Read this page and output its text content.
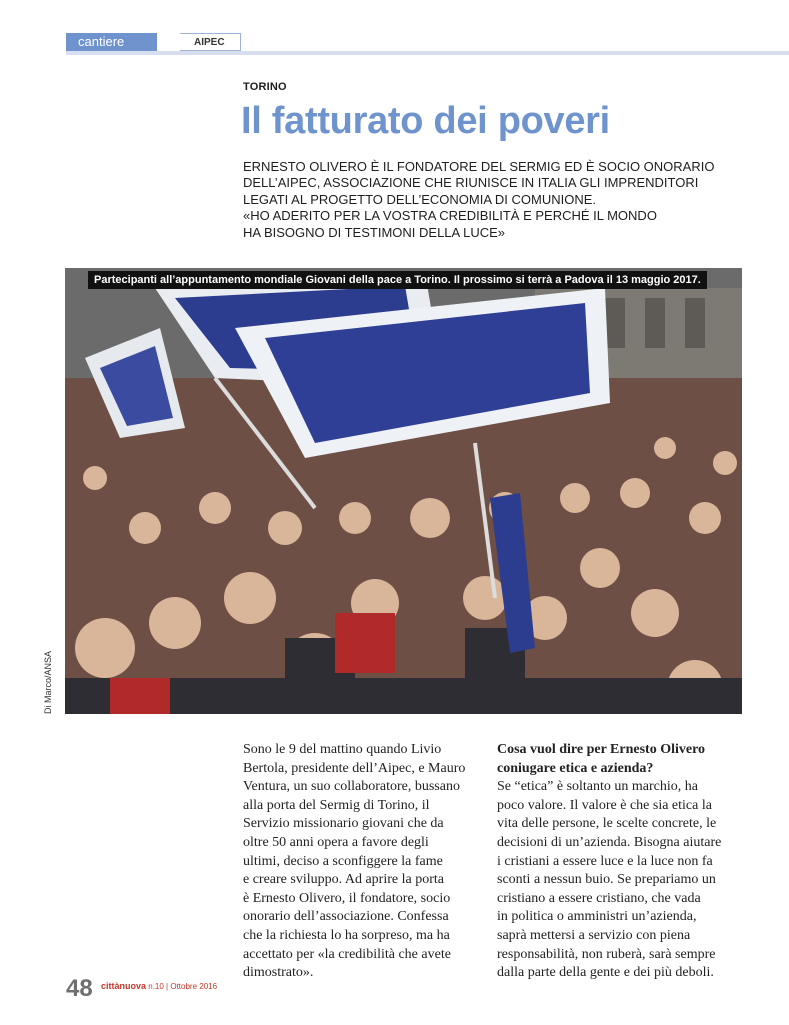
cantiere italia
AIPEC
TORINO
Il fatturato dei poveri
ERNESTO OLIVERO È IL FONDATORE DEL SERMIG ED È SOCIO ONORARIO
DELL’AIPEC, ASSOCIAZIONE CHE RIUNISCE IN ITALIA GLI IMPRENDITORI
LEGATI AL PROGETTO DELL’ECONOMIA DI COMUNIONE.
«HO ADERITO PER LA VOSTRA CREDIBILITÀ E PERCHÉ IL MONDO
HA BISOGNO DI TESTIMONI DELLA LUCE»
Partecipanti all’appuntamento mondiale Giovani della pace a Torino. Il prossimo si terrà a Padova il 13 maggio 2017.
Di Marco/ANSA
Sono le 9 del mattino quando Livio
Bertola, presidente dell’Aipec, e Mauro
Ventura, un suo collaboratore, bussano
alla porta del Sermig di Torino, il
Servizio missionario giovani che da
oltre 50 anni opera a favore degli
ultimi, deciso a sconfiggere la fame
e creare sviluppo. Ad aprire la porta
è Ernesto Olivero, il fondatore, socio
onorario dell’associazione. Confessa
che la richiesta lo ha sorpreso, ma ha
accettato per «la credibilità che avete
dimostrato».
Cosa vuol dire per Ernesto Olivero
coniugare etica e azienda?
Se “etica” è soltanto un marchio, ha
poco valore. Il valore è che sia etica la
vita delle persone, le scelte concrete, le
decisioni di un’azienda. Bisogna aiutare
i cristiani a essere luce e la luce non fa
sconti a nessun buio. Se prepariamo un
cristiano a essere cristiano, che vada
in politica o amministri un’azienda,
saprà mettersi a servizio con piena
responsabilità, non ruberà, sarà sempre
dalla parte della gente e dei più deboli.
48 cittànuova n.10 | Ottobre 2016
